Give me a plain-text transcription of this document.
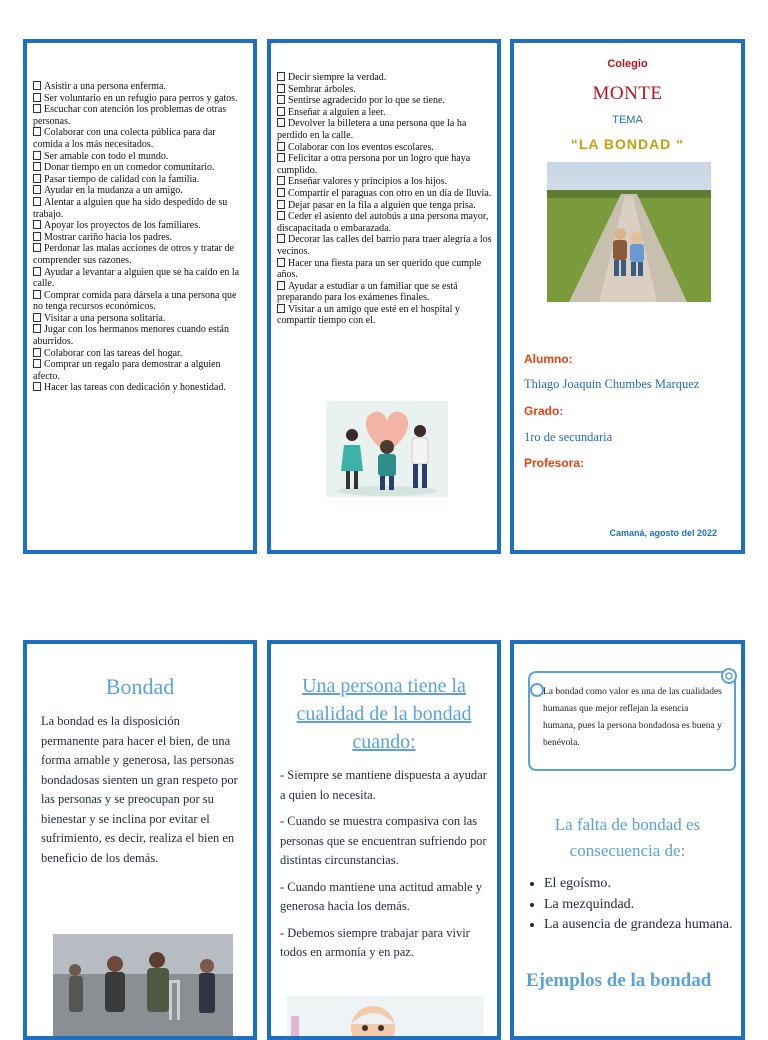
Asistir a una persona enferma.
Ser voluntario en un refugio para perros y gatos.
Escuchar con atención los problemas de otras personas.
Colaborar con una colecta pública para dar comida a los más necesitados.
Ser amable con todo el mundo.
Donar tiempo en un comedor comunitario.
Pasar tiempo de calidad con la familia.
Ayudar en la mudanza a un amigo.
Alentar a alguien que ha sido despedido de su trabajo.
Apoyar los proyectos de los familiares.
Mostrar cariño hacia los padres.
Perdonar las malas acciones de otros y tratar de comprender sus razones.
Ayudar a levantar a alguien que se ha caído en la calle.
Comprar comida para dársela a una persona que no tenga recursos económicos.
Visitar a una persona solitaria.
Jugar con los hermanos menores cuando están aburridos.
Colaborar con las tareas del hogar.
Comprar un regalo para demostrar a alguien afecto.
Hacer las tareas con dedicación y honestidad.
Decir siempre la verdad.
Sembrar árboles.
Sentirse agradecido por lo que se tiene.
Enseñar a alguien a leer.
Devolver la billetera a una persona que la ha perdido en la calle.
Colaborar con los eventos escolares.
Felicitar a otra persona por un logro que haya cumplido.
Enseñar valores y principios a los hijos.
Compartir el paraguas con otro en un día de lluvia.
Dejar pasar en la fila a alguien que tenga prisa.
Ceder el asiento del autobús a una persona mayor, discapacitada o embarazada.
Decorar las calles del barrio para traer alegría a los vecinos.
Hacer una fiesta para un ser querido que cumple años.
Ayudar a estudiar a un familiar que se está preparando para los exámenes finales.
Visitar a un amigo que esté en el hospital y compartir tiempo con el.
Colegio
MONTE
TEMA
“LA BONDAD “
Alumno:
Thiago Joaquin Chumbes Marquez
Grado:
1ro de secundaria
Profesora:
Camaná, agosto del 2022
Bondad
La bondad es la disposición permanente para hacer el bien, de una forma amable y generosa, las personas bondadosas sienten un gran respeto por las personas y se preocupan por su bienestar y se inclina por evitar el sufrimiento, es decir, realiza el bien en beneficio de los demás.
Una persona tiene la cualidad de la bondad cuando:

- Siempre se mantiene dispuesta a ayudar a quien lo necesita.

- Cuando se muestra compasiva con las personas que se encuentran sufriendo por distintas circunstancias.

- Cuando mantiene una actitud amable y generosa hacia los demás.

- Debemos siempre trabajar para vivir todos en armonía y en paz.

La bondad como valor es una de las cualidades humanas que mejor reflejan la esencia humana, pues la persona bondadosa es buena y benévola.
La falta de bondad es consecuencia de:
• El egoísmo.
• La mezquindad.
• La ausencia de grandeza humana.
Ejemplos de la bondad
